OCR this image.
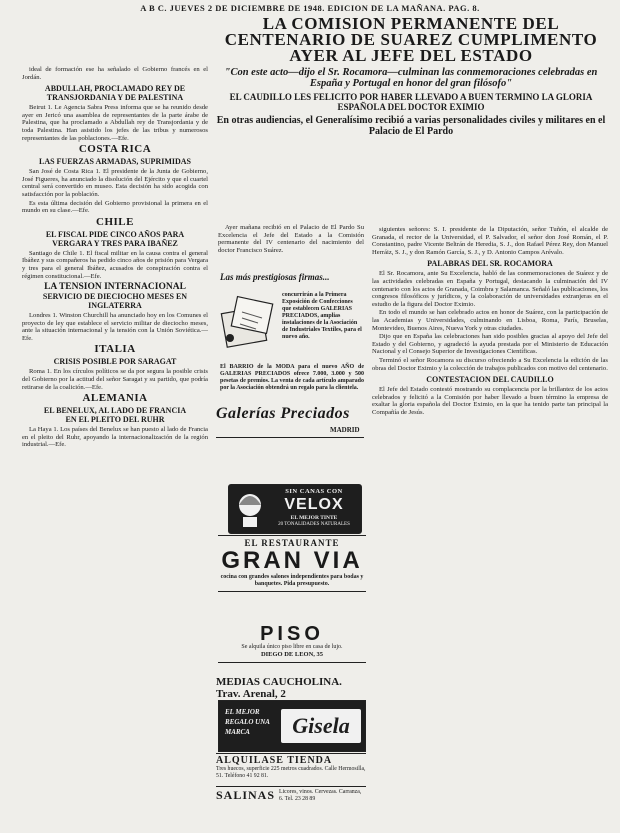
A B C. JUEVES 2 DE DICIEMBRE DE 1948. EDICION DE LA MAÑANA. PAG. 8.

ideal de formación ese ha señalado el Gobierno francés en el Jordán.

ABDULLAH, PROCLAMADO REY DE
TRANSJORDANIA Y DE PALESTINA

Beirut 1. Le Agencia Sabra Press informa que se ha reunido desde ayer en Jericó una asamblea de representantes de la parte árabe de Palestina, que ha proclamado a Abdullah rey de Transjordania y de toda Palestina. Han asistido los jefes de las tribus y numerosos representantes de las poblaciones.—Efe.

COSTA RICA
LAS FUERZAS ARMADAS, SUPRIMIDAS

San José de Costa Rica 1. El presidente de la Junta de Gobierno, José Figueres, ha anunciado la disolución del Ejército y que el cuartel central será convertido en museo. Esta decisión ha sido acogida con satisfacción por la población.

Es esta última decisión del Gobierno provisional la primera en el mundo en su clase.—Efe.

CHILE
EL FISCAL PIDE CINCO AÑOS PARA
VERGARA Y TRES PARA IBAÑEZ

Santiago de Chile 1. El fiscal militar en la causa contra el general Ibáñez y sus compañeros ha pedido cinco años de prisión para Vergara y tres para el general Ibáñez, acusados de conspiración contra el régimen constitucional.—Efe.

LA TENSION INTERNACIONAL
SERVICIO DE DIECIOCHO MESES EN
INGLATERRA

Londres 1. Winston Churchill ha anunciado hoy en los Comunes el proyecto de ley que establece el servicio militar de dieciocho meses, ante la situación internacional y la tensión con la Unión Soviética.—Efe.

ITALIA
CRISIS POSIBLE POR SARAGAT

Roma 1. En los círculos políticos se da por segura la posible crisis del Gobierno por la actitud del señor Saragat y su partido, que podría retirarse de la coalición.—Efe.

ALEMANIA
EL BENELUX, AL LADO DE FRANCIA
EN EL PLEITO DEL RUHR

La Haya 1. Los países del Benelux se han puesto al lado de Francia en el pleito del Ruhr, apoyando la internacionalización de la región industrial.—Efe.

LA COMISION PERMANENTE DEL CENTENARIO DE SUAREZ CUMPLIMENTO AYER AL JEFE DEL ESTADO
"Con este acto—dijo el Sr. Rocamora—culminan las conmemoraciones celebradas en España y Portugal en honor del gran filósofo"
EL CAUDILLO LES FELICITO POR HABER LLEVADO A BUEN TERMINO LA GLORIA ESPAÑOLA DEL DOCTOR EXIMIO
En otras audiencias, el Generalísimo recibió a varias personalidades civiles y militares en el Palacio de El Pardo

Ayer mañana recibió en el Palacio de El Pardo Su Excelencia el Jefe del Estado a la Comisión permanente del IV centenario del nacimiento del doctor Francisco Suárez.

Las más prestigiosas firmas...
concurrirán a la Primera Exposición de Confecciones que establecen GALERIAS PRECIADOS, amplias instalaciones de la Asociación de Industriales Textiles, para el nuevo año.
El BARRIO de la MODA para el nuevo AÑO de GALERIAS PRECIADOS ofrece 7.000, 3.000 y 500 pesetas de premios. La venta de cada artículo amparado por la Asociación obtendrá un regalo para la clientela.
Galerías Preciados
MADRID
SIN CANAS CON
VELOX
EL MEJOR TINTE
20 TONALIDADES NATURALES
EL RESTAURANTE
GRAN VIA
cocina con grandes salones independientes para bodas y banquetes. Pida presupuesto.
PISO
Se alquila único piso libre en casa de lujo.
DIEGO DE LEON, 35
MEDIAS CAUCHOLINA. Trav. Arenal, 2
EL MEJOR
REGALO UNA
MARCA	Gisela
ALQUILASE TIENDA
Tres huecos, superficie 225 metros cuadrados. Calle Hermosilla, 51. Teléfono 41 92 81.
SALINAS Licores, vinos. Cervezas. Carranza, 6. Tel. 23 28 89

siguientes señores: S. I. presidente de la Diputación, señor Tuñón, el alcalde de Granada, el rector de la Universidad, el P. Salvador, el señor don José Román, el P. Constantino, padre Vicente Beltrán de Heredia, S. J., don Rafael Pérez Rey, don Manuel Herráiz, S. J., y don Ramón García, S. J., y D. Antonio Campos Arévalo.

PALABRAS DEL SR. ROCAMORA

El Sr. Rocamora, ante Su Excelencia, habló de las conmemoraciones de Suárez y de las actividades celebradas en España y Portugal, destacando la culminación del IV centenario con los actos de Granada, Coimbra y Salamanca. Señaló las publicaciones, los congresos filosóficos y jurídicos, y la colaboración de universidades extranjeras en el estudio de la figura del Doctor Eximio.

En todo el mundo se han celebrado actos en honor de Suárez, con la participación de las Academias y Universidades, culminando en Lisboa, Roma, París, Bruselas, Montevideo, Buenos Aires, Nueva York y otras ciudades.

Dijo que en España las celebraciones han sido posibles gracias al apoyo del Jefe del Estado y del Gobierno, y agradeció la ayuda prestada por el Ministerio de Educación Nacional y el Consejo Superior de Investigaciones Científicas.

Terminó el señor Rocamora su discurso ofreciendo a Su Excelencia la edición de las obras del Doctor Eximio y la colección de trabajos publicados con motivo del centenario.

CONTESTACION DEL CAUDILLO

El Jefe del Estado contestó mostrando su complacencia por la brillantez de los actos celebrados y felicitó a la Comisión por haber llevado a buen término la empresa de exaltar la gloria española del Doctor Eximio, en la que ha tenido parte tan principal la Compañía de Jesús.
